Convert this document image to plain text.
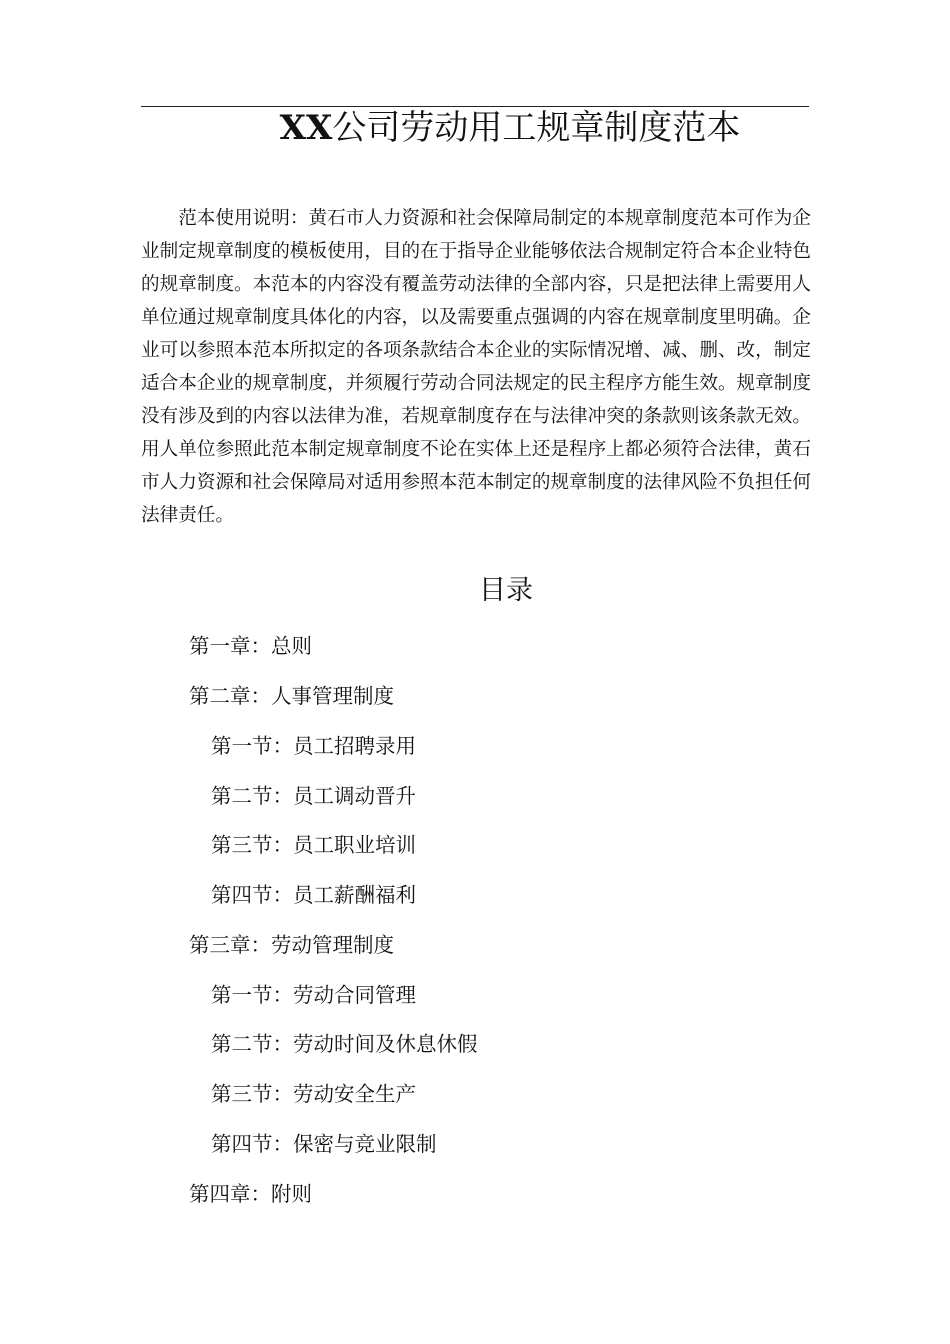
XX公司劳动用工规章制度范本

范本使用说明：黄石市人力资源和社会保障局制定的本规章制度范本可作为企业制定规章制度的模板使用，目的在于指导企业能够依法合规制定符合本企业特色的规章制度。本范本的内容没有覆盖劳动法律的全部内容，只是把法律上需要用人单位通过规章制度具体化的内容，以及需要重点强调的内容在规章制度里明确。企业可以参照本范本所拟定的各项条款结合本企业的实际情况增、减、删、改，制定适合本企业的规章制度，并须履行劳动合同法规定的民主程序方能生效。规章制度没有涉及到的内容以法律为准，若规章制度存在与法律冲突的条款则该条款无效。用人单位参照此范本制定规章制度不论在实体上还是程序上都必须符合法律，黄石市人力资源和社会保障局对适用参照本范本制定的规章制度的法律风险不负担任何法律责任。

目录
第一章：总则
第二章：人事管理制度
第一节：员工招聘录用
第二节：员工调动晋升
第三节：员工职业培训
第四节：员工薪酬福利
第三章：劳动管理制度
第一节：劳动合同管理
第二节：劳动时间及休息休假
第三节：劳动安全生产
第四节：保密与竞业限制
第四章：附则
